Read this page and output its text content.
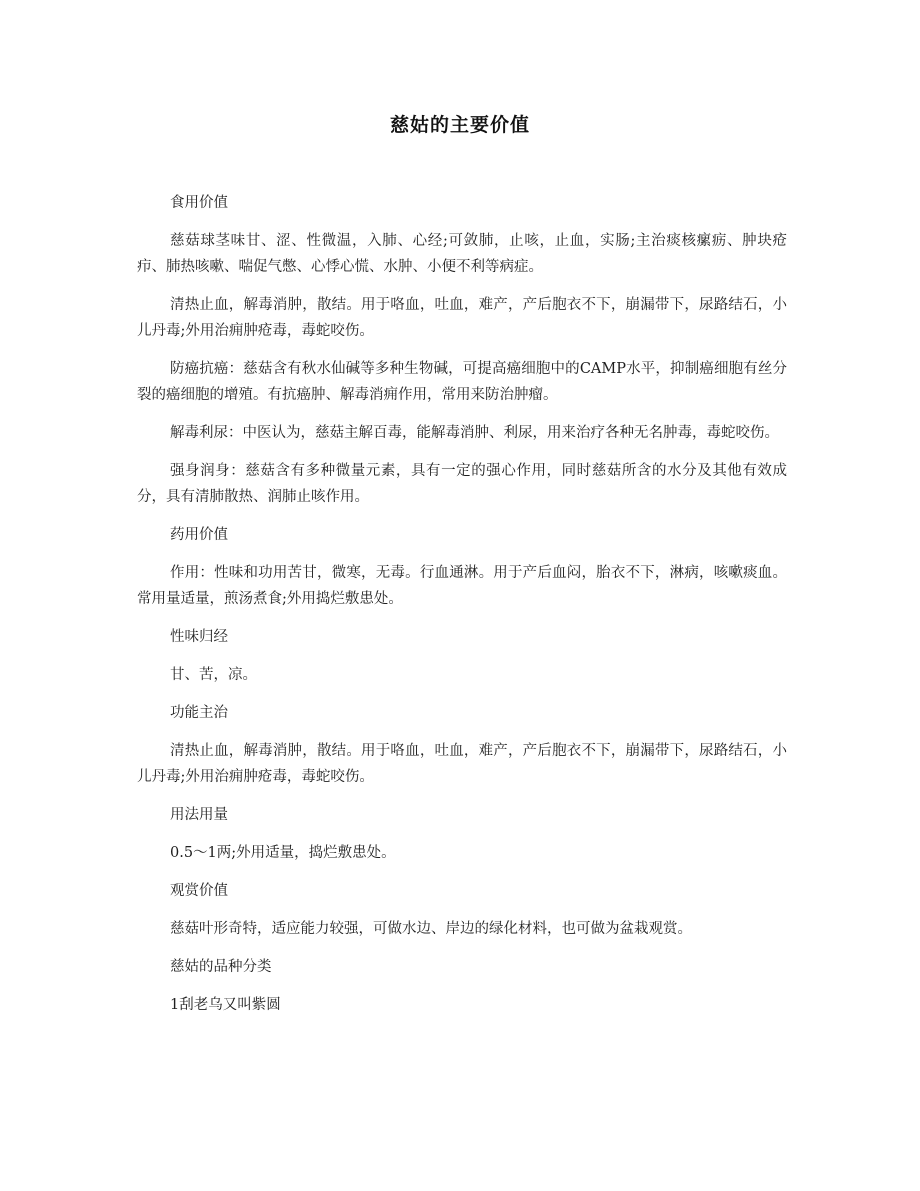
慈姑的主要价值

食用价值

慈菇球茎味甘、涩、性微温，入肺、心经;可敛肺，止咳，止血，实肠;主治痰核瘰疬、肿块疮疖、肺热咳嗽、喘促气憋、心悸心慌、水肿、小便不利等病症。

清热止血，解毒消肿，散结。用于咯血，吐血，难产，产后胞衣不下，崩漏带下，尿路结石，小儿丹毒;外用治痈肿疮毒，毒蛇咬伤。

防癌抗癌：慈菇含有秋水仙碱等多种生物碱，可提高癌细胞中的CAMP水平，抑制癌细胞有丝分裂的癌细胞的增殖。有抗癌肿、解毒消痈作用，常用来防治肿瘤。

解毒利尿：中医认为，慈菇主解百毒，能解毒消肿、利尿，用来治疗各种无名肿毒，毒蛇咬伤。

强身润身：慈菇含有多种微量元素，具有一定的强心作用，同时慈菇所含的水分及其他有效成分，具有清肺散热、润肺止咳作用。

药用价值

作用：性味和功用苦甘，微寒，无毒。行血通淋。用于产后血闷，胎衣不下，淋病，咳嗽痰血。常用量适量，煎汤煮食;外用捣烂敷患处。

性味归经

甘、苦，凉。

功能主治

清热止血，解毒消肿，散结。用于咯血，吐血，难产，产后胞衣不下，崩漏带下，尿路结石，小儿丹毒;外用治痈肿疮毒，毒蛇咬伤。

用法用量

0.5～1两;外用适量，捣烂敷患处。

观赏价值

慈菇叶形奇特，适应能力较强，可做水边、岸边的绿化材料，也可做为盆栽观赏。

慈姑的品种分类

1刮老乌又叫紫圆
